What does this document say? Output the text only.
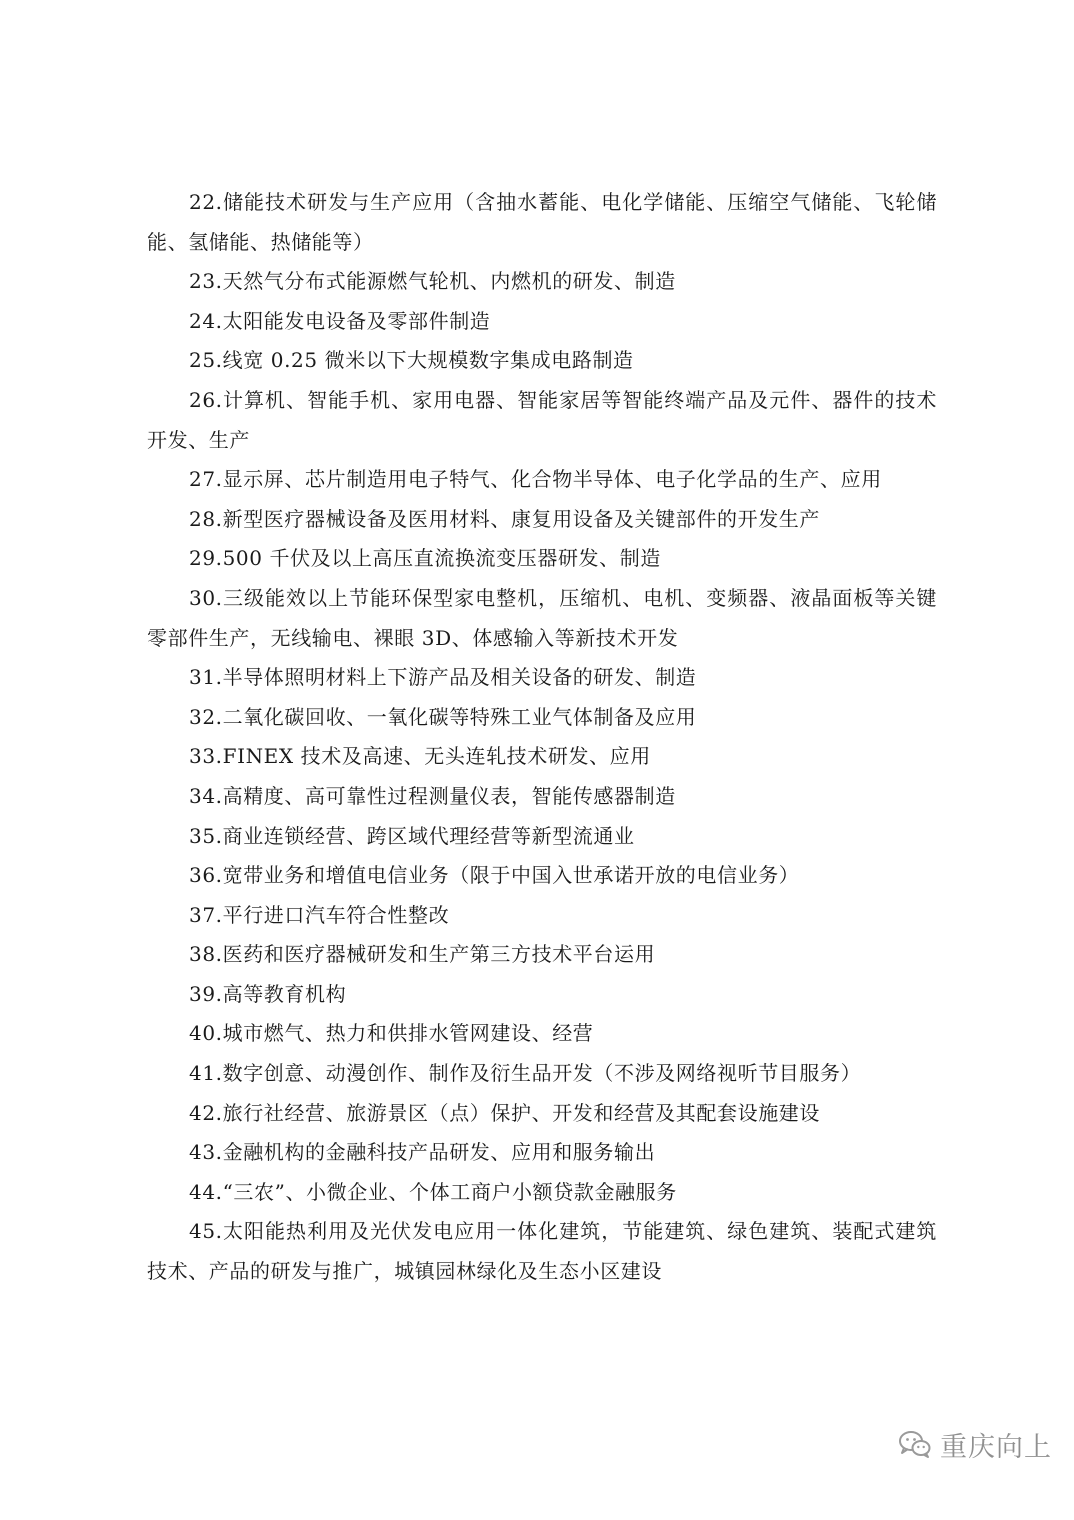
22.储能技术研发与生产应用（含抽水蓄能、电化学储能、压缩空气储能、飞轮储能、氢储能、热储能等）

23.天然气分布式能源燃气轮机、内燃机的研发、制造

24.太阳能发电设备及零部件制造

25.线宽 0.25 微米以下大规模数字集成电路制造

26.计算机、智能手机、家用电器、智能家居等智能终端产品及元件、器件的技术开发、生产

27.显示屏、芯片制造用电子特气、化合物半导体、电子化学品的生产、应用

28.新型医疗器械设备及医用材料、康复用设备及关键部件的开发生产

29.500 千伏及以上高压直流换流变压器研发、制造

30.三级能效以上节能环保型家电整机，压缩机、电机、变频器、液晶面板等关键零部件生产，无线输电、裸眼 3D、体感输入等新技术开发

31.半导体照明材料上下游产品及相关设备的研发、制造

32.二氧化碳回收、一氧化碳等特殊工业气体制备及应用

33.FINEX 技术及高速、无头连轧技术研发、应用

34.高精度、高可靠性过程测量仪表，智能传感器制造

35.商业连锁经营、跨区域代理经营等新型流通业

36.宽带业务和增值电信业务（限于中国入世承诺开放的电信业务）

37.平行进口汽车符合性整改

38.医药和医疗器械研发和生产第三方技术平台运用

39.高等教育机构

40.城市燃气、热力和供排水管网建设、经营

41.数字创意、动漫创作、制作及衍生品开发（不涉及网络视听节目服务）

42.旅行社经营、旅游景区（点）保护、开发和经营及其配套设施建设

43.金融机构的金融科技产品研发、应用和服务输出

44.“三农”、小微企业、个体工商户小额贷款金融服务

45.太阳能热利用及光伏发电应用一体化建筑，节能建筑、绿色建筑、装配式建筑技术、产品的研发与推广，城镇园林绿化及生态小区建设

重庆向上
